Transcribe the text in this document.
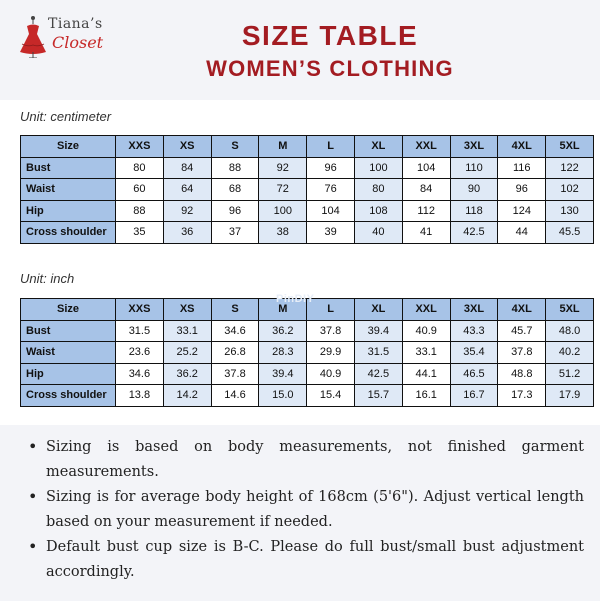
Tiana’s
Closet	SIZE TABLE
WOMEN’S CLOTHING
Unit: centimeter
Size	XXS	XS	S	M	L	XL	XXL	3XL	4XL	5XL
Bust	80	84	88	92	96	100	104	110	116	122
Waist	60	64	68	72	76	80	84	90	96	102
Hip	88	92	96	100	104	108	112	118	124	130
Cross shoulder	35	36	37	38	39	40	41	42.5	44	45.5
Unit: inch
Size	XXS	XS	S	M	L	XL	XXL	3XL	4XL	5XL
Bust	31.5	33.1	34.6	36.2	37.8	39.4	40.9	43.3	45.7	48.0
Waist	23.6	25.2	26.8	28.3	29.9	31.5	33.1	35.4	37.8	40.2
Hip	34.6	36.2	37.8	39.4	40.9	42.5	44.1	46.5	48.8	51.2
Cross shoulder	13.8	14.2	14.6	15.0	15.4	15.7	16.1	16.7	17.3	17.9
PinDIY
• Sizing is based on body measurements, not finished garment measurements.
• Sizing is for average body height of 168cm (5'6"). Adjust vertical length based on your measurement if needed.
• Default bust cup size is B-C. Please do full bust/small bust adjustment accordingly.
